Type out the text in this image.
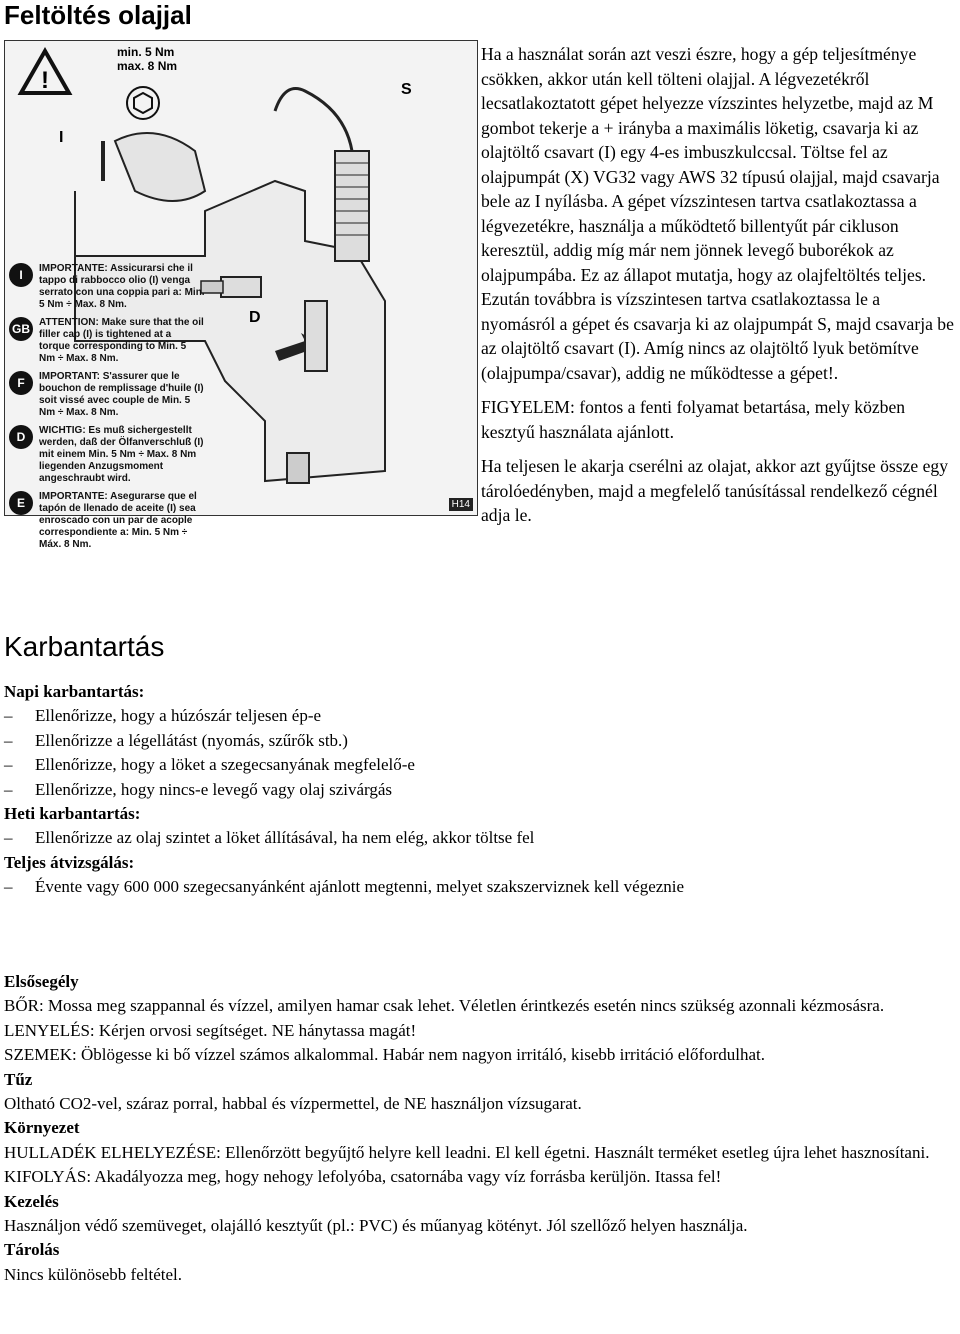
Feltöltés olajjal
!
min. 5 Nm
max. 8 Nm
I
S
D
I	IMPORTANTE: Assicurarsi che il tappo di rabbocco olio (I) venga serrato con una coppia pari a: Min. 5 Nm ÷ Max. 8 Nm.
GB ATTENTION: Make sure that the oil filler cap (I) is tightened at a torque corresponding to Min. 5 Nm ÷ Max. 8 Nm.
F	IMPORTANT: S'assurer que le bouchon de remplissage d'huile (I) soit vissé avec couple de Min. 5 Nm ÷ Max. 8 Nm.
D	WICHTIG: Es muß sichergestellt werden, daß der Ölfanverschluß (I) mit einem Min. 5 Nm ÷ Max. 8 Nm liegenden Anzugsmoment angeschraubt wird.
E	IMPORTANTE: Asegurarse que el tapón de llenado de aceite (I) sea enroscado con un par de acople correspondiente a: Min. 5 Nm ÷ Máx. 8 Nm.
H14

Ha a használat során azt veszi észre, hogy a gép teljesítménye csökken, akkor után kell tölteni olajjal. A légvezetékről lecsatlakoztatott gépet helyezze vízszintes helyzetbe, majd az M gombot tekerje a + irányba a maximális löketig, csavarja ki az olajtöltő csavart (I) egy 4-es imbuszkulccsal. Töltse fel az olajpumpát (X) VG32 vagy AWS 32 típusú olajjal, majd csavarja bele az I nyílásba. A gépet vízszintesen tartva csatlakoztassa a légvezetékre, használja a működtető billentyűt pár cikluson keresztül, addig míg már nem jönnek levegő buborékok az olajpumpába. Ez az állapot mutatja, hogy az olajfeltöltés teljes. Ezután továbbra is vízszintesen tartva csatlakoztassa le a nyomásról a gépet és csavarja ki az olajpumpát S, majd csavarja be az olajtöltő csavart (I). Amíg nincs az olajtöltő lyuk betömítve (olajpumpa/csavar), addig ne működtesse a gépet!.

FIGYELEM: fontos a fenti folyamat betartása, mely közben kesztyű használata ajánlott.

Ha teljesen le akarja cserélni az olajat, akkor azt gyűjtse össze egy tárolóedényben, majd a megfelelő tanúsítással rendelkező cégnél adja le.

Karbantartás
Napi karbantartás:
– Ellenőrizze, hogy a húzószár teljesen ép-e
– Ellenőrizze a légellátást (nyomás, szűrők stb.)
– Ellenőrizze, hogy a löket a szegecsanyának megfelelő-e
– Ellenőrizze, hogy nincs-e levegő vagy olaj szivárgás
Heti karbantartás:
– Ellenőrizze az olaj szintet a löket állításával, ha nem elég, akkor töltse fel
Teljes átvizsgálás:
– Évente vagy 600 000 szegecsanyánként ajánlott megtenni, melyet szakszerviznek kell végeznie
Elsősegély

BŐR: Mossa meg szappannal és vízzel, amilyen hamar csak lehet. Véletlen érintkezés esetén nincs szükség azonnali kézmosásra.

LENYELÉS: Kérjen orvosi segítséget. NE hánytassa magát!

SZEMEK: Öblögesse ki bő vízzel számos alkalommal. Habár nem nagyon irritáló, kisebb irritáció előfordulhat.

Tűz

Oltható CO2-vel, száraz porral, habbal és vízpermettel, de NE használjon vízsugarat.

Környezet

HULLADÉK ELHELYEZÉSE: Ellenőrzött begyűjtő helyre kell leadni. El kell égetni. Használt terméket esetleg újra lehet hasznosítani.

KIFOLYÁS: Akadályozza meg, hogy nehogy lefolyóba, csatornába vagy víz forrásba kerüljön. Itassa fel!

Kezelés

Használjon védő szemüveget, olajálló kesztyűt (pl.: PVC) és műanyag kötényt. Jól szellőző helyen használja.

Tárolás

Nincs különösebb feltétel.
